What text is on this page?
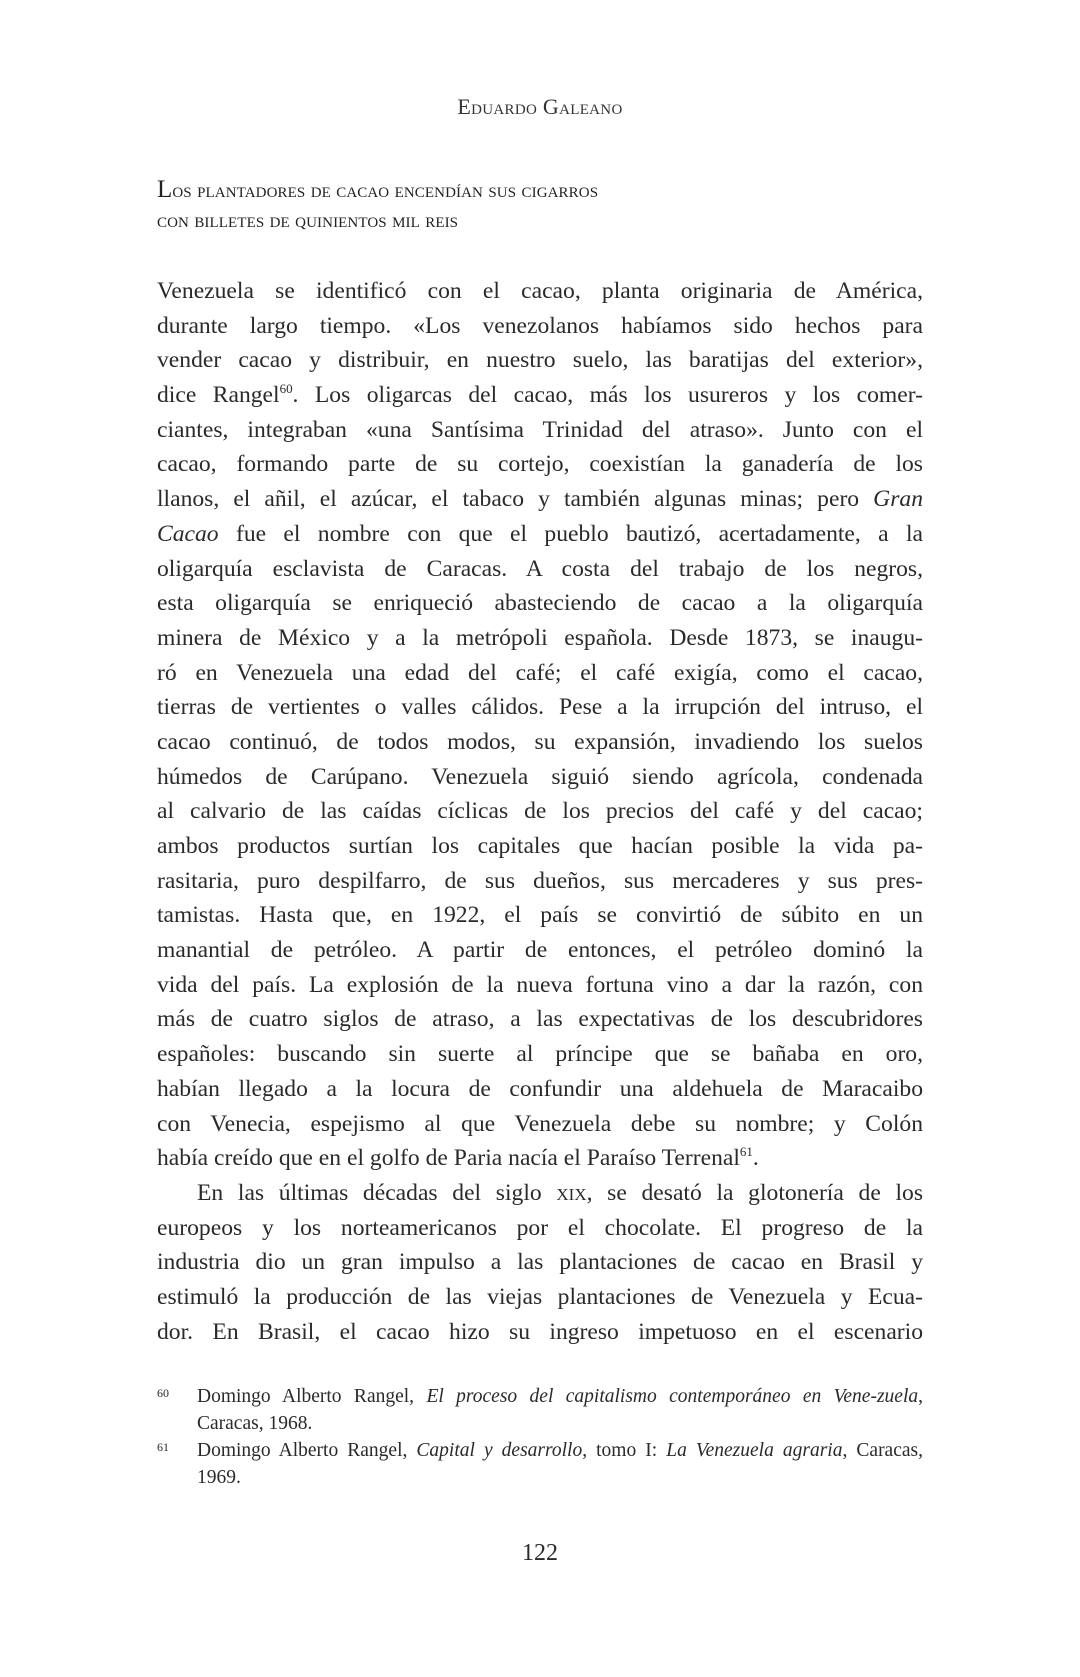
Eduardo Galeano
Los plantadores de cacao encendían sus cigarros
con billetes de quinientos mil reis
Venezuela se identificó con el cacao, planta originaria de América,
durante largo tiempo. «Los venezolanos habíamos sido hechos para
vender cacao y distribuir, en nuestro suelo, las baratijas del exterior»,
dice Rangel$^{60}$. Los oligarcas del cacao, más los usureros y los comer-
ciantes, integraban «una Santísima Trinidad del atraso». Junto con el
cacao, formando parte de su cortejo, coexistían la ganadería de los
llanos, el añil, el azúcar, el tabaco y también algunas minas; pero Gran
Cacao fue el nombre con que el pueblo bautizó, acertadamente, a la
oligarquía esclavista de Caracas. A costa del trabajo de los negros,
esta oligarquía se enriqueció abasteciendo de cacao a la oligarquía
minera de México y a la metrópoli española. Desde 1873, se inaugu-
ró en Venezuela una edad del café; el café exigía, como el cacao,
tierras de vertientes o valles cálidos. Pese a la irrupción del intruso, el
cacao continuó, de todos modos, su expansión, invadiendo los suelos
húmedos de Carúpano. Venezuela siguió siendo agrícola, condenada
al calvario de las caídas cíclicas de los precios del café y del cacao;
ambos productos surtían los capitales que hacían posible la vida pa-
rasitaria, puro despilfarro, de sus dueños, sus mercaderes y sus pres-
tamistas. Hasta que, en 1922, el país se convirtió de súbito en un
manantial de petróleo. A partir de entonces, el petróleo dominó la
vida del país. La explosión de la nueva fortuna vino a dar la razón, con
más de cuatro siglos de atraso, a las expectativas de los descubridores
españoles: buscando sin suerte al príncipe que se bañaba en oro,
habían llegado a la locura de confundir una aldehuela de Maracaibo
con Venecia, espejismo al que Venezuela debe su nombre; y Colón
había creído que en el golfo de Paria nacía el Paraíso Terrenal$^{61}$.
En las últimas décadas del siglo xix, se desató la glotonería de los
europeos y los norteamericanos por el chocolate. El progreso de la
industria dio un gran impulso a las plantaciones de cacao en Brasil y
estimuló la producción de las viejas plantaciones de Venezuela y Ecua-
dor. En Brasil, el cacao hizo su ingreso impetuoso en el escenario
60 Domingo Alberto Rangel, El proceso del capitalismo contemporáneo en Vene-zuela, Caracas, 1968.
61 Domingo Alberto Rangel, Capital y desarrollo, tomo I: La Venezuela agraria, Caracas, 1969.
122
